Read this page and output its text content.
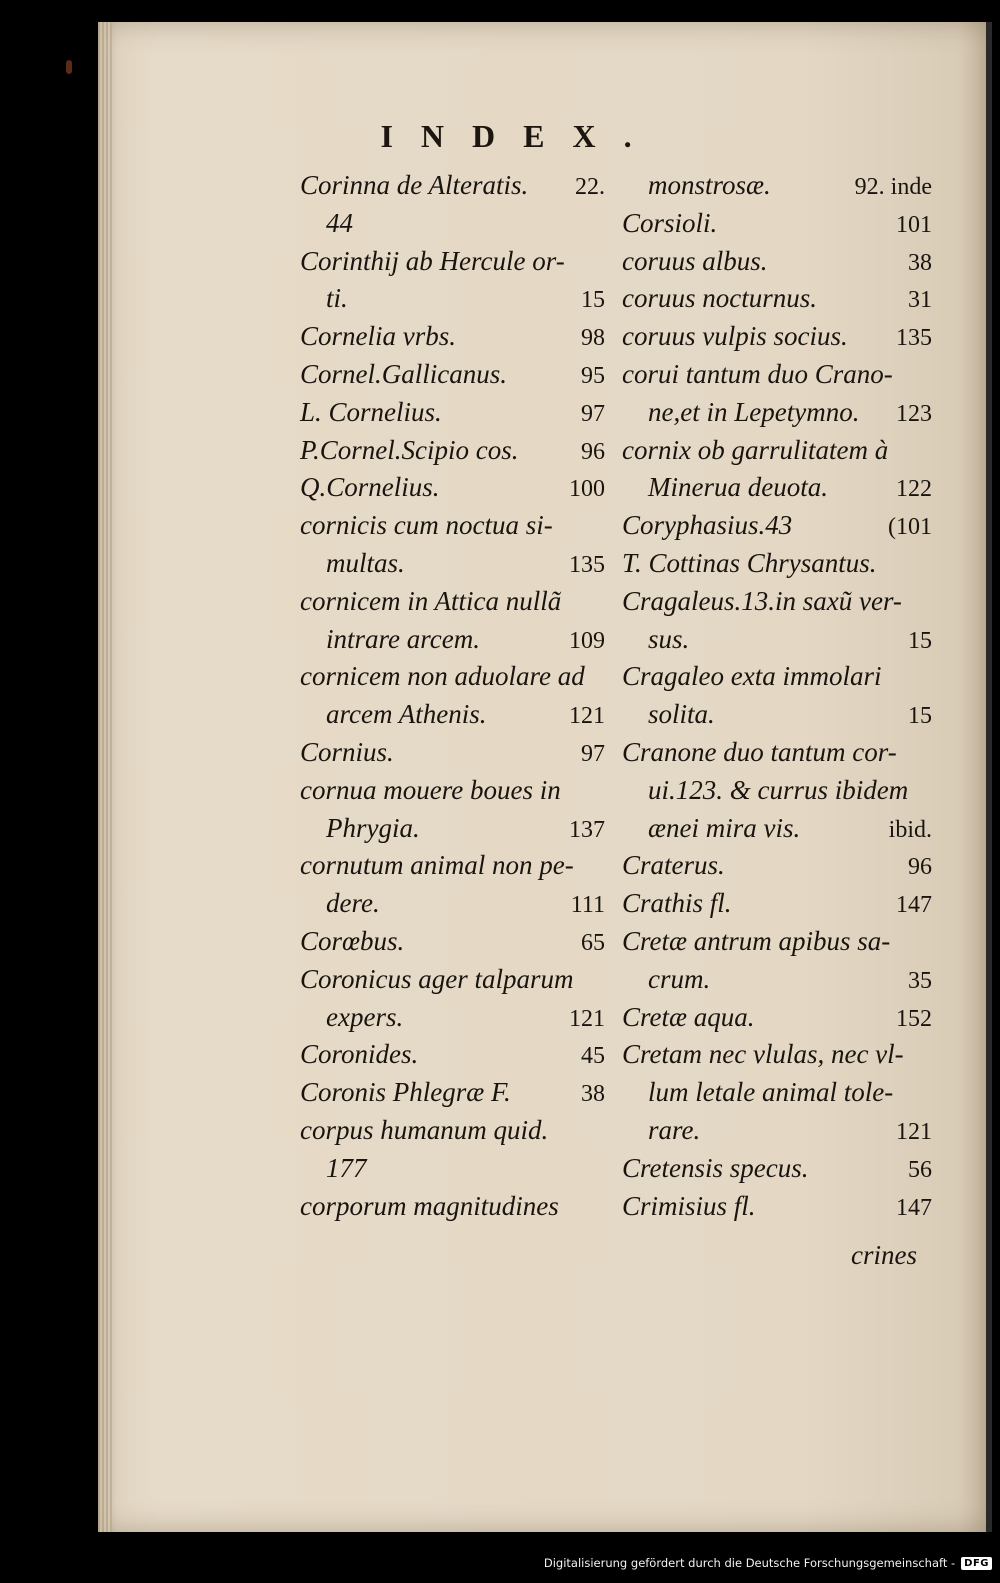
INDEX.
Corinna de Alteratis. 22.
44
Corinthij ab Hercule or-
ti.	15
Cornelia vrbs.	98
Cornel.Gallicanus.	95
L. Cornelius.	97
P.Cornel.Scipio cos.	96
Q.Cornelius.	100
cornicis cum noctua si-
multas.	135
cornicem in Attica nullã
intrare arcem.	109
cornicem non aduolare ad
arcem Athenis.	121
Cornius.	97
cornua mouere boues in
Phrygia.	137
cornutum animal non pe-
dere.	111
Corœbus.	65
Coronicus ager talparum
expers.	121
Coronides.	45
Coronis Phlegræ F.	38
corpus humanum quid.
177
corporum magnitudines
monstrosæ.	92. inde
Corsioli.	101
coruus albus.	38
coruus nocturnus.	31
coruus vulpis socius. 135
corui tantum duo Crano-
ne,et in Lepetymno. 123
cornix ob garrulitatem à
Minerua deuota.	122
Coryphasius.43	(101
T. Cottinas Chrysantus.
Cragaleus.13.in saxũ ver-
sus.	15
Cragaleo exta immolari
solita.	15
Cranone duo tantum cor-
ui.123. & currus ibidem
ænei mira vis.	ibid.
Craterus.	96
Crathis fl.	147
Cretæ antrum apibus sa-
crum.	35
Cretæ aqua.	152
Cretam nec vlulas, nec vl-
lum letale animal tole-
rare.	121
Cretensis specus.	56
Crimisius fl.	147
crines
Digitalisierung gefördert durch die Deutsche Forschungsgemeinschaft - DFG
